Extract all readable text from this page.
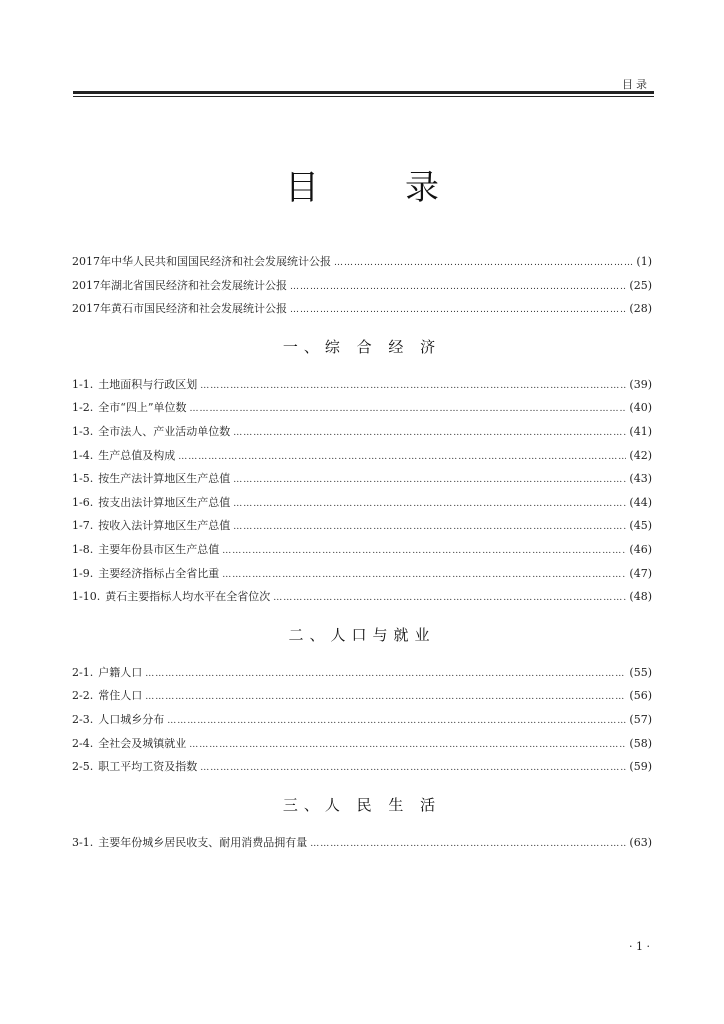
目录
目录
2017年中华人民共和国国民经济和社会发展统计公报 ………………………………………………………………………………………………………………………………………………………………………………	(1)
2017年湖北省国民经济和社会发展统计公报 ………………………………………………………………………………………………………………………………………………………………………………	(25)
2017年黄石市国民经济和社会发展统计公报 ………………………………………………………………………………………………………………………………………………………………………………	(28)
一、综 合 经 济
1-1. 土地面积与行政区划 ………………………………………………………………………………………………………………………………………………………………………………	(39)
1-2. 全市“四上”单位数 ………………………………………………………………………………………………………………………………………………………………………………	(40)
1-3. 全市法人、产业活动单位数 ………………………………………………………………………………………………………………………………………………………………………………	(41)
1-4. 生产总值及构成 ………………………………………………………………………………………………………………………………………………………………………………	(42)
1-5. 按生产法计算地区生产总值 ………………………………………………………………………………………………………………………………………………………………………………	(43)
1-6. 按支出法计算地区生产总值 ………………………………………………………………………………………………………………………………………………………………………………	(44)
1-7. 按收入法计算地区生产总值 ………………………………………………………………………………………………………………………………………………………………………………	(45)
1-8. 主要年份县市区生产总值 ………………………………………………………………………………………………………………………………………………………………………………	(46)
1-9. 主要经济指标占全省比重 ………………………………………………………………………………………………………………………………………………………………………………	(47)
1-10. 黄石主要指标人均水平在全省位次 ………………………………………………………………………………………………………………………………………………………………………………	(48)
二、人口与就业
2-1. 户籍人口 ………………………………………………………………………………………………………………………………………………………………………………	(55)
2-2. 常住人口 ………………………………………………………………………………………………………………………………………………………………………………	(56)
2-3. 人口城乡分布 ………………………………………………………………………………………………………………………………………………………………………………	(57)
2-4. 全社会及城镇就业 ………………………………………………………………………………………………………………………………………………………………………………	(58)
2-5. 职工平均工资及指数 ………………………………………………………………………………………………………………………………………………………………………………	(59)
三、人 民 生 活
3-1. 主要年份城乡居民收支、耐用消费品拥有量 ………………………………………………………………………………………………………………………………………………………………………………	(63)
· 1 ·
